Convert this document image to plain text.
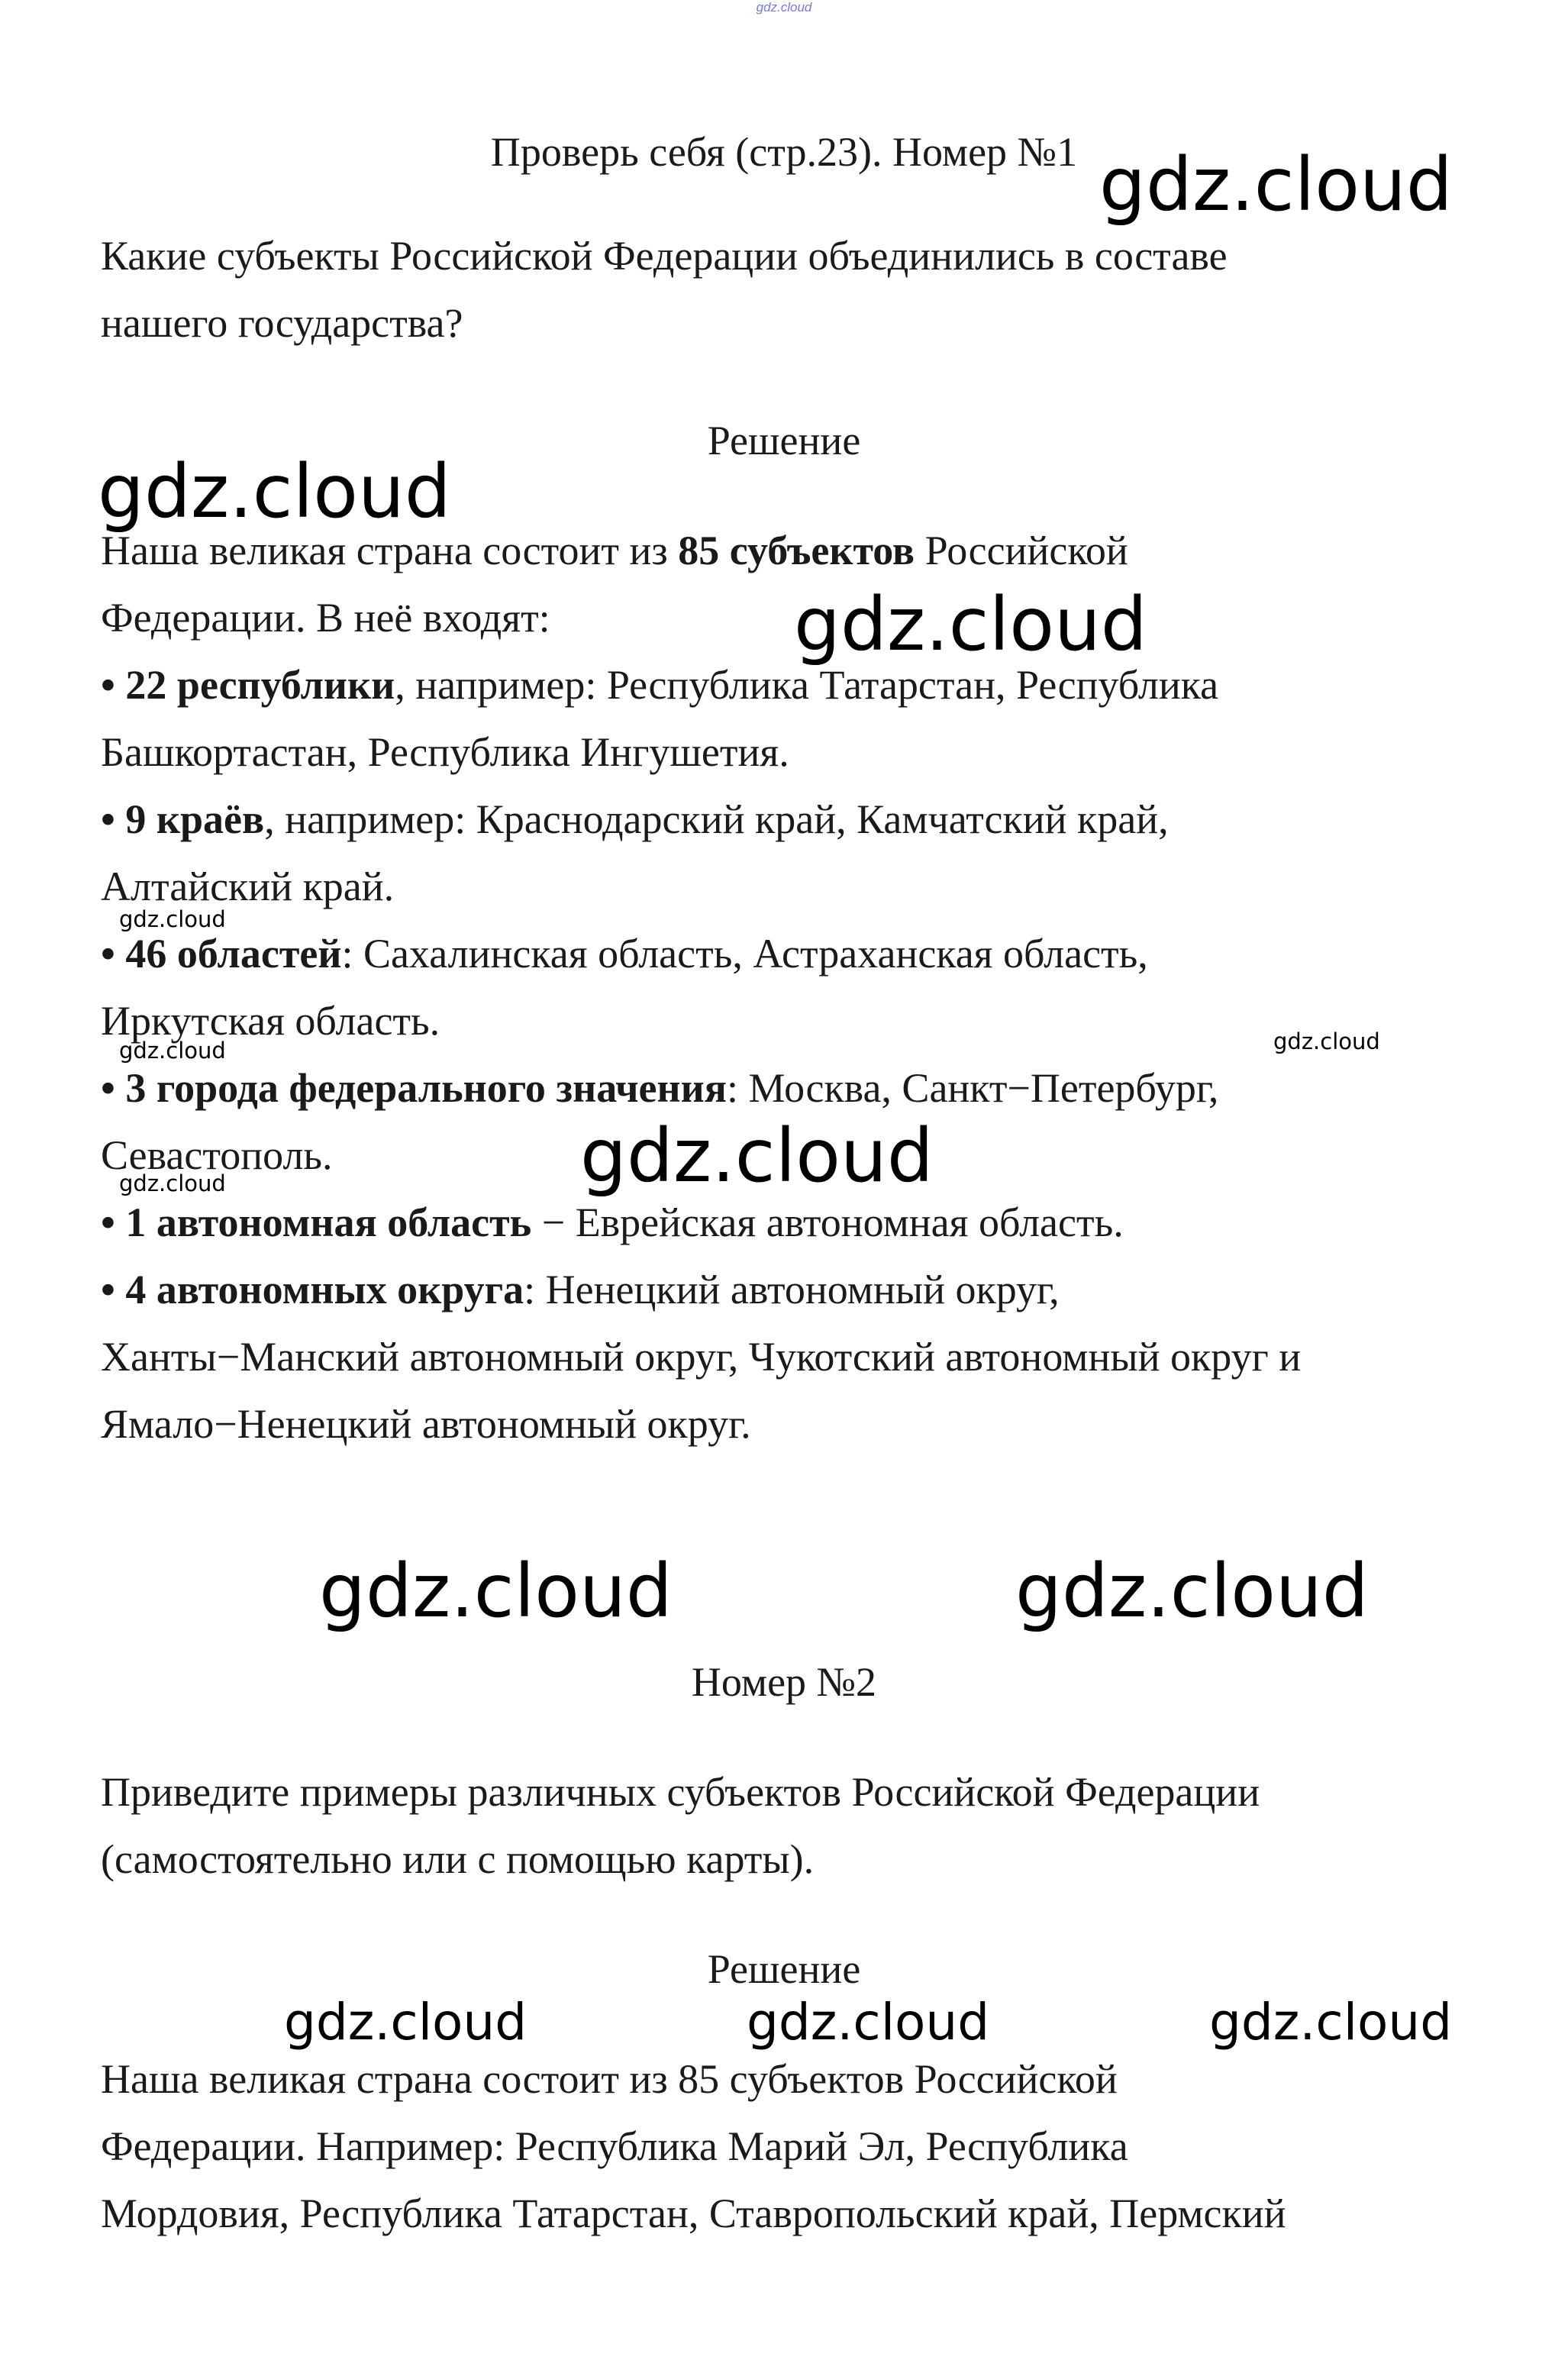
gdz.cloud
Проверь себя (стр.23). Номер №1
Какие субъекты Российской Федерации объединились в составе
нашего государства?
Решение
Наша великая страна состоит из 85 субъектов Российской
Федерации. В неё входят:
• 22 республики, например: Республика Татарстан, Республика
Башкортастан, Республика Ингушетия.
• 9 краёв, например: Краснодарский край, Камчатский край,
Алтайский край.
• 46 областей: Сахалинская область, Астраханская область,
Иркутская область.
• 3 города федерального значения: Москва, Санкт−Петербург,
Севастополь.
• 1 автономная область − Еврейская автономная область.
• 4 автономных округа: Ненецкий автономный округ,
Ханты−Манский автономный округ, Чукотский автономный округ и
Ямало−Ненецкий автономный округ.
Номер №2
Приведите примеры различных субъектов Российской Федерации
(самостоятельно или с помощью карты).
Решение
Наша великая страна состоит из 85 субъектов Российской
Федерации. Например: Республика Марий Эл, Республика
Мордовия, Республика Татарстан, Ставропольский край, Пермский
gdz.cloud
gdz.cloud
gdz.cloud
gdz.cloud
gdz.cloud	gdz.cloud
gdz.cloud
gdz.cloud
gdz.cloud	gdz.cloud
gdz.cloud	gdz.cloud	gdz.cloud
